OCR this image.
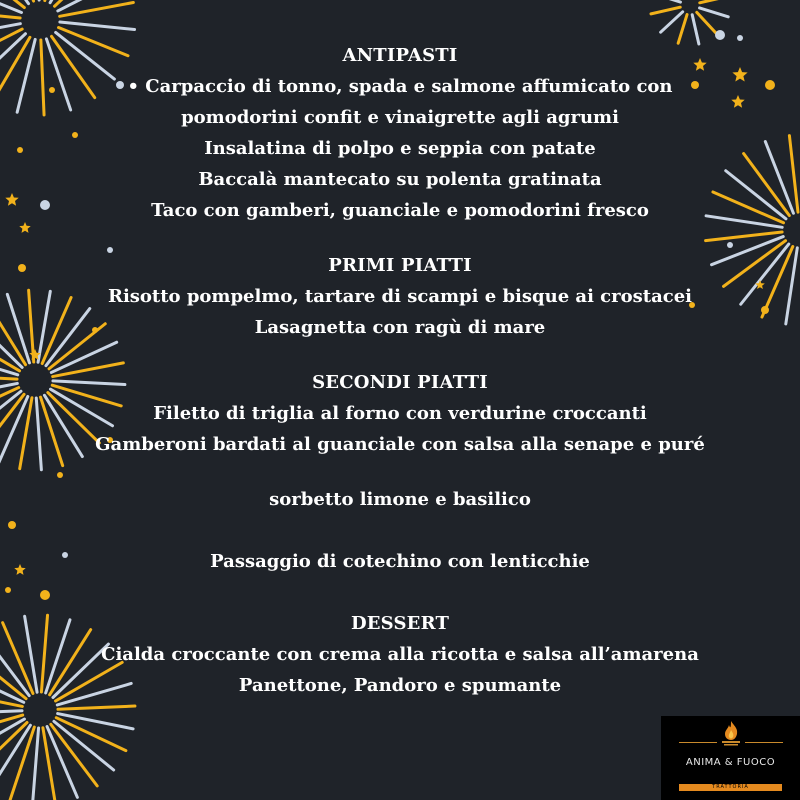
ANTIPASTI
• Carpaccio di tonno, spada e salmone affumicato con
pomodorini confit e vinaigrette agli agrumi
Insalatina di polpo e seppia con patate
Baccalà mantecato su polenta gratinata
Taco con gamberi, guanciale e pomodorini fresco
PRIMI PIATTI
Risotto pompelmo, tartare di scampi e bisque ai crostacei
Lasagnetta con ragù di mare
SECONDI PIATTI
Filetto di triglia al forno con verdurine croccanti
Gamberoni bardati al guanciale con salsa alla senape e puré
sorbetto limone e basilico
Passaggio di cotechino con lenticchie
DESSERT
Cialda croccante con crema alla ricotta e salsa all’amarena
Panettone, Pandoro e spumante
ANIMA & FUOCO
TRATTORIA
